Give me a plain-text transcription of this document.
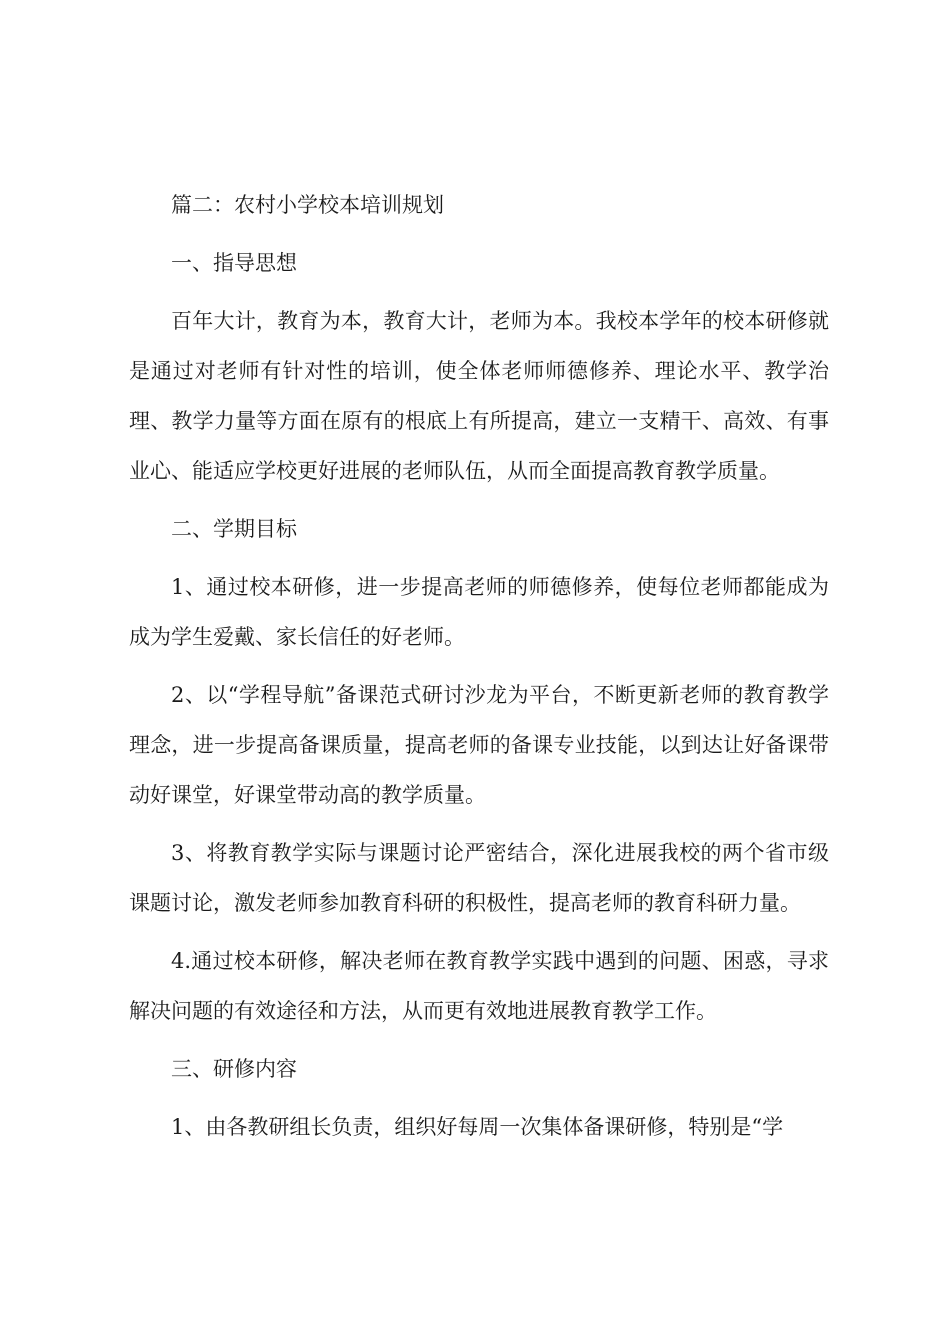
篇二：农村小学校本培训规划

一、指导思想

百年大计，教育为本，教育大计，老师为本。我校本学年的校本研修就是通过对老师有针对性的培训，使全体老师师德修养、理论水平、教学治理、教学力量等方面在原有的根底上有所提高，建立一支精干、高效、有事业心、能适应学校更好进展的老师队伍，从而全面提高教育教学质量。

二、学期目标

1、通过校本研修，进一步提高老师的师德修养，使每位老师都能成为成为学生爱戴、家长信任的好老师。

2、以“学程导航”备课范式研讨沙龙为平台，不断更新老师的教育教学理念，进一步提高备课质量，提高老师的备课专业技能，以到达让好备课带动好课堂，好课堂带动高的教学质量。

3、将教育教学实际与课题讨论严密结合，深化进展我校的两个省市级课题讨论，激发老师参加教育科研的积极性，提高老师的教育科研力量。

4.通过校本研修，解决老师在教育教学实践中遇到的问题、困惑，寻求解决问题的有效途径和方法，从而更有效地进展教育教学工作。

三、研修内容

1、由各教研组长负责，组织好每周一次集体备课研修，特别是“学
